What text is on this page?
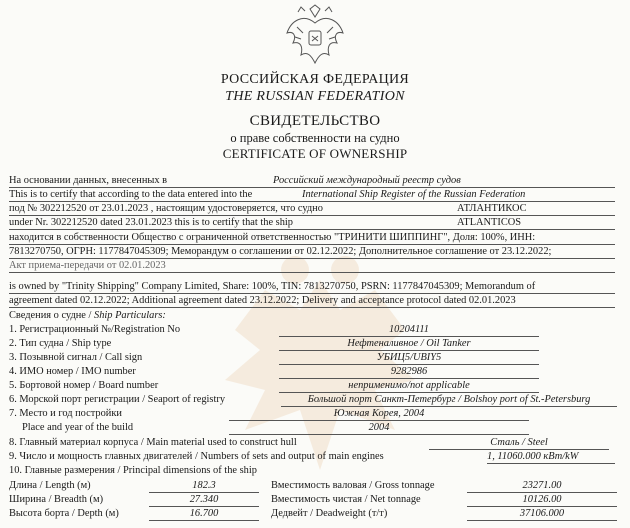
РОССИЙСКАЯ ФЕДЕРАЦИЯ
THE RUSSIAN FEDERATION
СВИДЕТЕЛЬСТВО
о праве собственности на судно
CERTIFICATE OF OWNERSHIP
На основании данных, внесенных в	Российский международный реестр судов
This is to certify that according to the data entered into the	International Ship Register of the Russian Federation
под № 302212520 от 23.01.2023 , настоящим удостоверяется, что судно	АТЛАНТИКОС
under Nr. 302212520 dated 23.01.2023 this is to certify that the ship	ATLANTICOS
находится в собственности Общество с ограниченной ответственностью "ТРИНИТИ ШИППИНГ", Доля: 100%, ИНН:
7813270750, ОГРН: 1177847045309; Меморандум о соглашении от 02.12.2022; Дополнительное соглашение от 23.12.2022;
Акт приема-передачи от 02.01.2023
is owned by "Trinity Shipping" Company Limited, Share: 100%, TIN: 7813270750, PSRN: 1177847045309; Memorandum of
agreement dated 02.12.2022; Additional agreement dated 23.12.2022; Delivery and acceptance protocol dated 02.01.2023
Сведения о судне / Ship Particulars:
1. Регистрационный №/Registration No	10204111
2. Тип судна / Ship type	Нефтеналивное / Oil Tanker
3. Позывной сигнал / Call sign	УБИЦ5/UBIY5
4. ИМО номер / IMO number	9282986
5. Бортовой номер / Board number	неприменимо/not applicable
6. Морской порт регистрации / Seaport of registry	Большой порт Санкт-Петербург / Bolshoy port of St.-Petersburg
7. Место и год постройки	Южная Корея, 2004
Place and year of the build	2004
8. Главный материал корпуса / Main material used to construct hull	Сталь / Steel
9. Число и мощность главных двигателей / Numbers of sets and output of main engines	1, 11060.000 кВт/kW
10. Главные размерения / Principal dimensions of the ship
Длина / Length (м)	182.3	Вместимость валовая / Gross tonnage	23271.00
Ширина / Breadth (м)	27.340	Вместимость чистая / Net tonnage	10126.00
Высота борта / Depth (м)	16.700	Дедвейт / Deadweight (т/т)	37106.000
